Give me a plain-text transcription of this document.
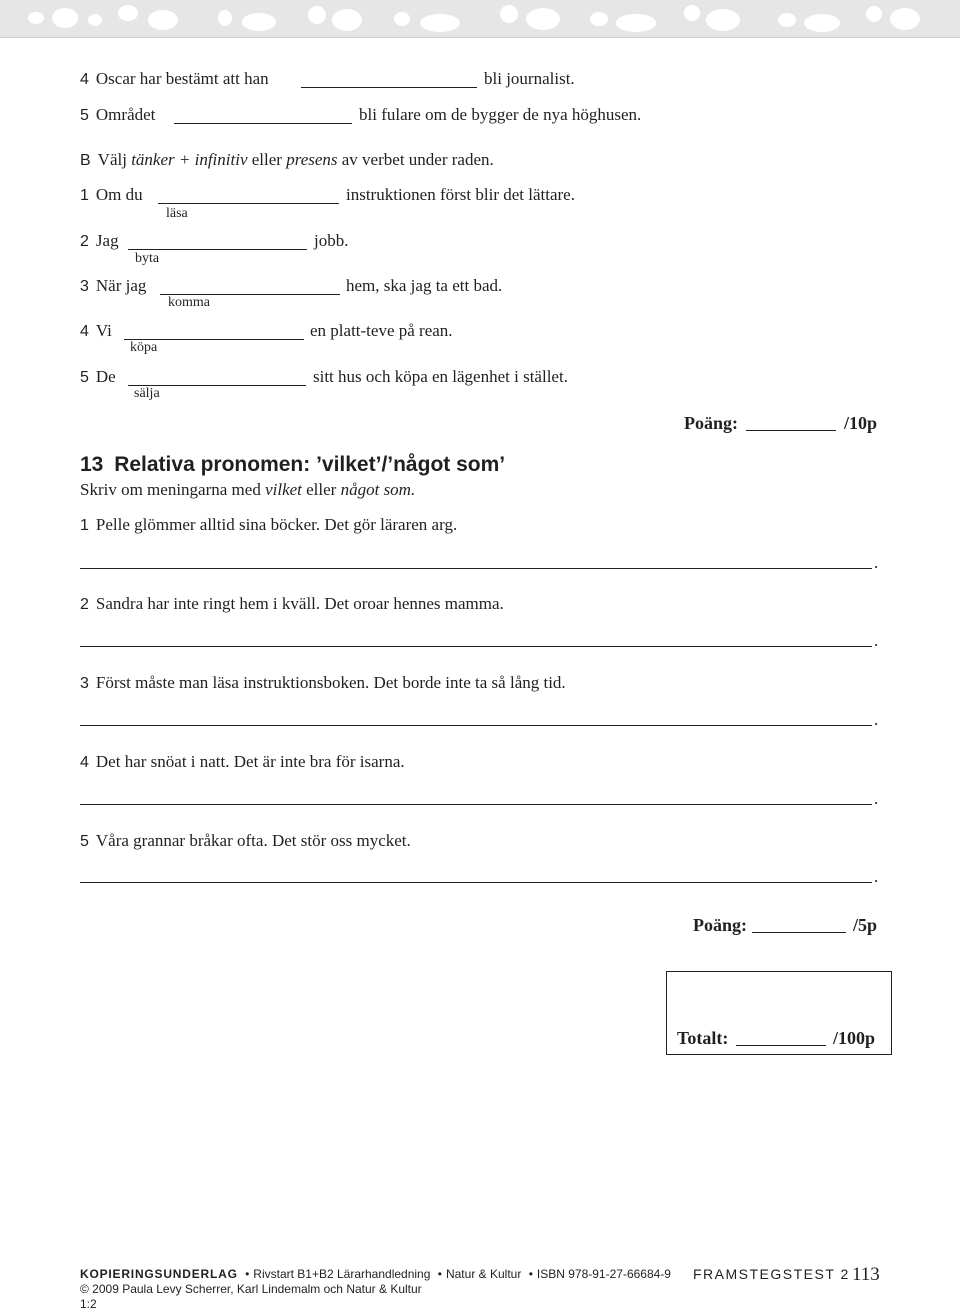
4 Oscar har bestämt att han	bli journalist.
5 Området	bli fulare om de bygger de nya höghusen.
B Välj tänker + infinitiv eller presens av verbet under raden.
1 Om du	instruktionen först blir det lättare.
läsa
2 Jag	jobb.
byta
3 När jag	hem, ska jag ta ett bad.
komma
4 Vi	en platt-teve på rean.
köpa
5 De	sitt hus och köpa en lägenhet i stället.
sälja
Poäng:	/10p
13 Relativa pronomen: ’vilket’/’något som’
Skriv om meningarna med vilket eller något som.
1 Pelle glömmer alltid sina böcker. Det gör läraren arg.
.
2 Sandra har inte ringt hem i kväll. Det oroar hennes mamma.
.
3 Först måste man läsa instruktionsboken. Det borde inte ta så lång tid.
.
4 Det har snöat i natt. Det är inte bra för isarna.
.
5 Våra grannar bråkar ofta. Det stör oss mycket.
.
Poäng:	/5p
Totalt:	/100p
KOPIERINGSUNDERLAG • Rivstart B1+B2 Lärarhandledning • Natur & Kultur • ISBN 978-91-27-66684-9
© 2009 Paula Levy Scherrer, Karl Lindemalm och Natur & Kultur
1:2
FRAMSTEGSTEST 2 113
